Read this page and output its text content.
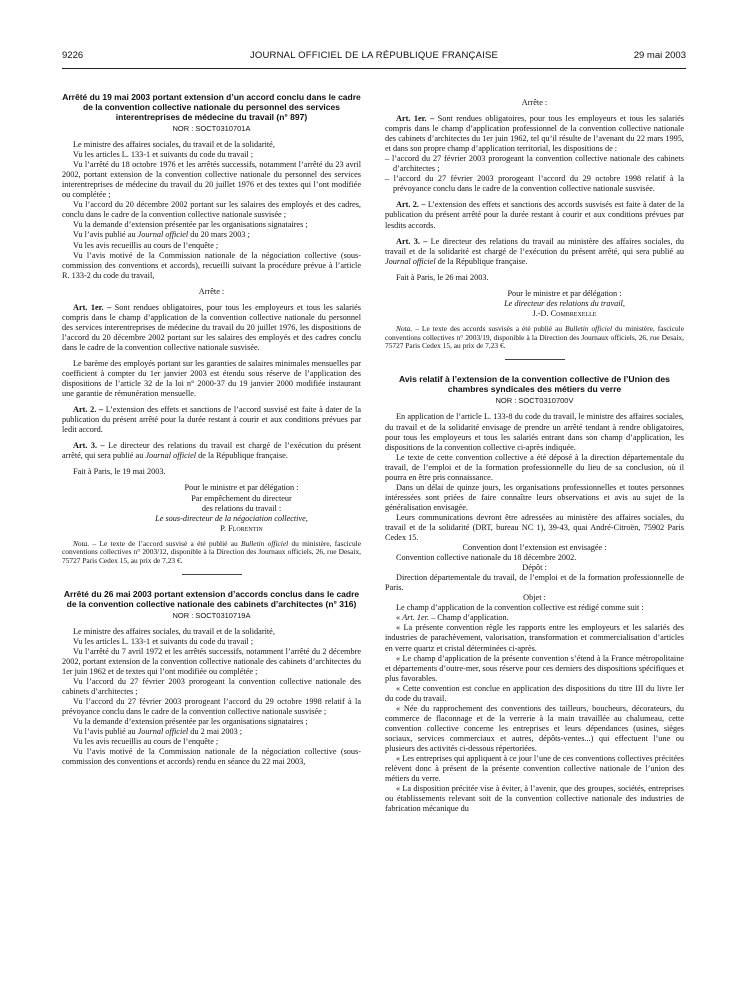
9226	JOURNAL OFFICIEL DE LA RÉPUBLIQUE FRANÇAISE	29 mai 2003
Arrêté du 19 mai 2003 portant extension d’un accord conclu dans le cadre de la convention collective nationale du personnel des services interentreprises de médecine du travail (n° 897)
NOR : SOCT0310701A

Le ministre des affaires sociales, du travail et de la solidarité,

Vu les articles L. 133-1 et suivants du code du travail ;

Vu l’arrêté du 18 octobre 1976 et les arrêtés successifs, notamment l’arrêté du 23 avril 2002, portant extension de la convention collective nationale du personnel des services interentreprises de médecine du travail du 20 juillet 1976 et des textes qui l’ont modifiée ou complétée ;

Vu l’accord du 20 décembre 2002 portant sur les salaires des employés et des cadres, conclu dans le cadre de la convention collective nationale susvisée ;

Vu la demande d’extension présentée par les organisations signataires ;

Vu l’avis publié au Journal officiel du 20 mars 2003 ;

Vu les avis recueillis au cours de l’enquête ;

Vu l’avis motivé de la Commission nationale de la négociation collective (sous-commission des conventions et accords), recueilli suivant la procédure prévue à l’article R. 133-2 du code du travail,

Arrête :

Art. 1er. – Sont rendues obligatoires, pour tous les employeurs et tous les salariés compris dans le champ d’application de la convention collective nationale du personnel des services interentreprises de médecine du travail du 20 juillet 1976, les dispositions de l’accord du 20 décembre 2002 portant sur les salaires des employés et des cadres conclu dans le cadre de la convention collective nationale susvisée.

Le barème des employés portant sur les garanties de salaires minimales mensuelles par coefficient à compter du 1er janvier 2003 est étendu sous réserve de l’application des dispositions de l’article 32 de la loi n° 2000-37 du 19 janvier 2000 modifiée instaurant une garantie de rémunération mensuelle.

Art. 2. – L’extension des effets et sanctions de l’accord susvisé est faite à dater de la publication du présent arrêté pour la durée restant à courir et aux conditions prévues par ledit accord.

Art. 3. – Le directeur des relations du travail est chargé de l’exécution du présent arrêté, qui sera publié au Journal officiel de la République française.

Fait à Paris, le 19 mai 2003.

Pour le ministre et par délégation :

Par empêchement du directeur

des relations du travail :

Le sous-directeur de la négociation collective,

P. Florentin

Nota. – Le texte de l’accord susvisé a été publié au Bulletin officiel du ministère, fascicule conventions collectives n° 2003/12, disponible à la Direction des Journaux officiels, 26, rue Desaix, 75727 Paris Cedex 15, au prix de 7,23 €.

Arrêté du 26 mai 2003 portant extension d’accords conclus dans le cadre de la convention collective nationale des cabinets d’architectes (n° 316)
NOR : SOCT0310719A

Le ministre des affaires sociales, du travail et de la solidarité,

Vu les articles L. 133-1 et suivants du code du travail ;

Vu l’arrêté du 7 avril 1972 et les arrêtés successifs, notamment l’arrêté du 2 décembre 2002, portant extension de la convention collective nationale des cabinets d’architectes du 1er juin 1962 et de textes qui l’ont modifiée ou complétée ;

Vu l’accord du 27 février 2003 prorogeant la convention collective nationale des cabinets d’architectes ;

Vu l’accord du 27 février 2003 prorogeant l’accord du 29 octobre 1998 relatif à la prévoyance conclu dans le cadre de la convention collective nationale susvisée ;

Vu la demande d’extension présentée par les organisations signataires ;

Vu l’avis publié au Journal officiel du 2 mai 2003 ;

Vu les avis recueillis au cours de l’enquête ;

Vu l’avis motivé de la Commission nationale de la négociation collective (sous-commission des conventions et accords) rendu en séance du 22 mai 2003,

Arrête :

Art. 1er. – Sont rendues obligatoires, pour tous les employeurs et tous les salariés compris dans le champ d’application professionnel de la convention collective nationale des cabinets d’architectes du 1er juin 1962, tel qu’il résulte de l’avenant du 22 mars 1995, et dans son propre champ d’application territorial, les dispositions de :

– l’accord du 27 février 2003 prorogeant la convention collective nationale des cabinets d’architectes ;

– l’accord du 27 février 2003 prorogeant l’accord du 29 octobre 1998 relatif à la prévoyance conclu dans le cadre de la convention collective nationale susvisée.

Art. 2. – L’extension des effets et sanctions des accords susvisés est faite à dater de la publication du présent arrêté pour la durée restant à courir et aux conditions prévues par lesdits accords.

Art. 3. – Le directeur des relations du travail au ministère des affaires sociales, du travail et de la solidarité est chargé de l’exécution du présent arrêté, qui sera publié au Journal officiel de la République française.

Fait à Paris, le 26 mai 2003.

Pour le ministre et par délégation :

Le directeur des relations du travail,

J.-D. Combrexelle

Nota. – Le texte des accords susvisés a été publié au Bulletin officiel du ministère, fascicule conventions collectives n° 2003/19, disponible à la Direction des Journaux officiels, 26, rue Desaix, 75727 Paris Cedex 15, au prix de 7,23 €.

Avis relatif à l’extension de la convention collective de l’Union des chambres syndicales des métiers du verre
NOR : SOCT0310700V

En application de l’article L. 133-8 du code du travail, le ministre des affaires sociales, du travail et de la solidarité envisage de prendre un arrêté tendant à rendre obligatoires, pour tous les employeurs et tous les salariés entrant dans son champ d’application, les dispositions de la convention collective ci-après indiquée.

Le texte de cette convention collective a été déposé à la direction départementale du travail, de l’emploi et de la formation professionnelle du lieu de sa conclusion, où il pourra en être pris connaissance.

Dans un délai de quinze jours, les organisations professionnelles et toutes personnes intéressées sont priées de faire connaître leurs observations et avis au sujet de la généralisation envisagée.

Leurs communications devront être adressées au ministère des affaires sociales, du travail et de la solidarité (DRT, bureau NC 1), 39-43, quai André-Citroën, 75902 Paris Cedex 15.

Convention dont l’extension est envisagée :

Convention collective nationale du 18 décembre 2002.

Dépôt :

Direction départementale du travail, de l’emploi et de la formation professionnelle de Paris.

Objet :

Le champ d’application de la convention collective est rédigé comme suit :

« Art. 1er. – Champ d’application.

« La présente convention règle les rapports entre les employeurs et les salariés des industries de parachèvement, valorisation, transformation et commercialisation d’articles en verre quartz et cristal déterminées ci-après.

« Le champ d’application de la présente convention s’étend à la France métropolitaine et départements d’outre-mer, sous réserve pour ces derniers des dispositions spécifiques et plus favorables.

« Cette convention est conclue en application des dispositions du titre III du livre Ier du code du travail.

« Née du rapprochement des conventions des tailleurs, boucheurs, décorateurs, du commerce de flaconnage et de la verrerie à la main travaillée au chalumeau, cette convention collective concerne les entreprises et leurs dépendances (usines, sièges sociaux, services commerciaux et autres, dépôts-ventes...) qui effectuent l’une ou plusieurs des activités ci-dessous répertoriées.

« Les entreprises qui appliquent à ce jour l’une de ces conventions collectives précitées relèvent donc à présent de la présente convention collective nationale de l’union des métiers du verre.

« La disposition précitée vise à éviter, à l’avenir, que des groupes, sociétés, entreprises ou établissements relevant soit de la convention collective nationale des industries de fabrication mécanique du
